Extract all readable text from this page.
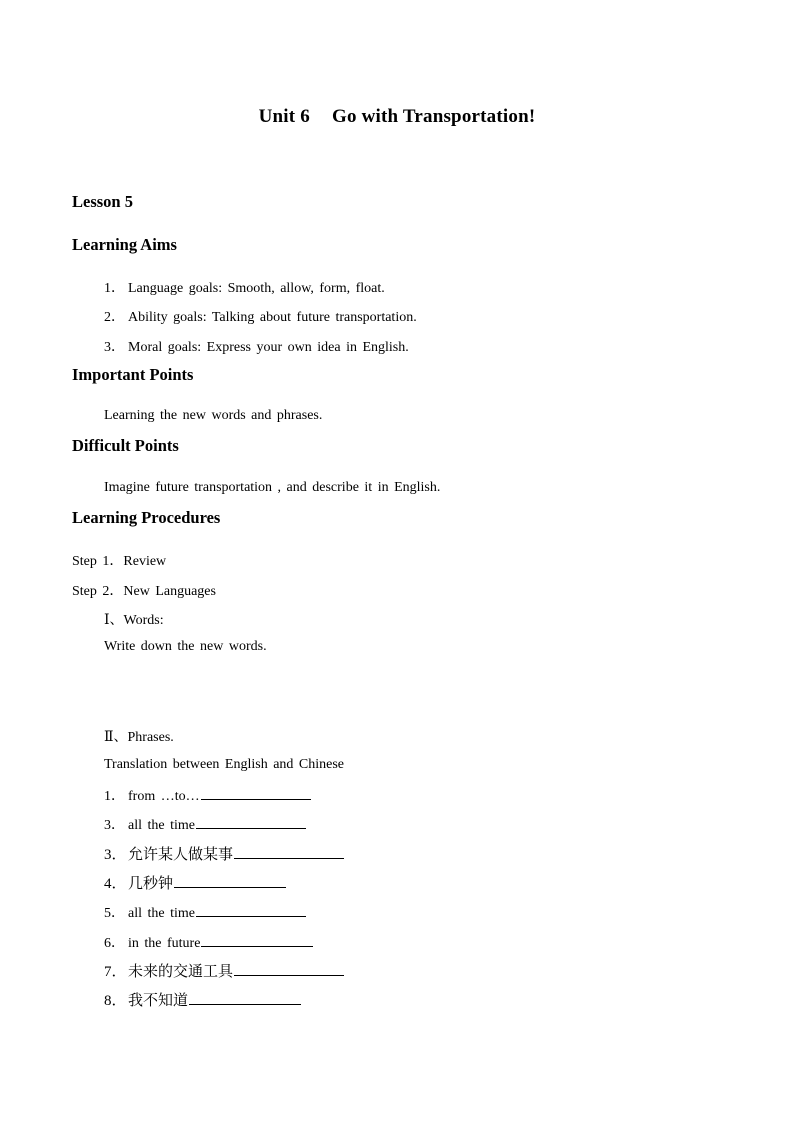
Unit 6 Go with Transportation!
Lesson 5
Learning Aims
1． Language goals: Smooth, allow, form, float.
2． Ability goals: Talking about future transportation.
3． Moral goals: Express your own idea in English.
Important Points
Learning the new words and phrases.
Difficult Points
Imagine future transportation , and describe it in English.
Learning Procedures
Step 1．Review
Step 2．New Languages
Ⅰ、Words:
Write down the new words.
Ⅱ、Phrases.
Translation between English and Chinese
1． from …to…
3． all the time
3．允许某人做某事
4．几秒钟
5． all the time
6． in the future
7．未来的交通工具
8．我不知道
